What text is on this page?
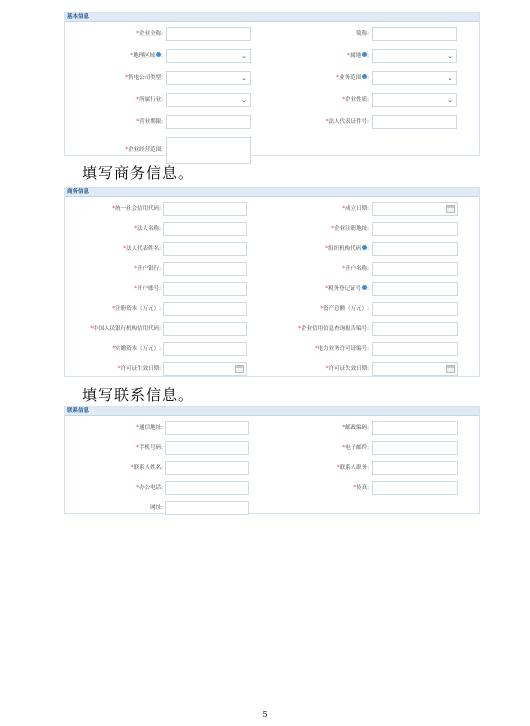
基本信息
*企业全称:	简称:
*地理区域 :	⌄	*属地 :	⌄
*售电公司类型:	⌄	*业务范围 :	⌄
*所属行业:	⌄	*企业性质:	⌄
*营业期限:	*法人代表证件号:
*企业经营范围:
填写商务信息。
商务信息
*统一社会信用代码:	*成立日期:
*法人名称:	*企业注册地址:
*法人代表姓名:	*组织机构代码 :
*开户银行:	*开户名称:
*开户账号:	*税务登记证号 :
*注册资本（万元）:	*资产总额（万元）:
*中国人民银行机构信用代码:	*企业信用信息查询报告编号:
*实缴资本（万元）:	*电力业务许可证编号:
*许可证生效日期:	*许可证失效日期:
填写联系信息。
联系信息
*通信地址:	*邮政编码:
*手机号码:	*电子邮件:
*联系人姓名:	*联系人职务:
*办公电话:	*传真:
网址:
5
